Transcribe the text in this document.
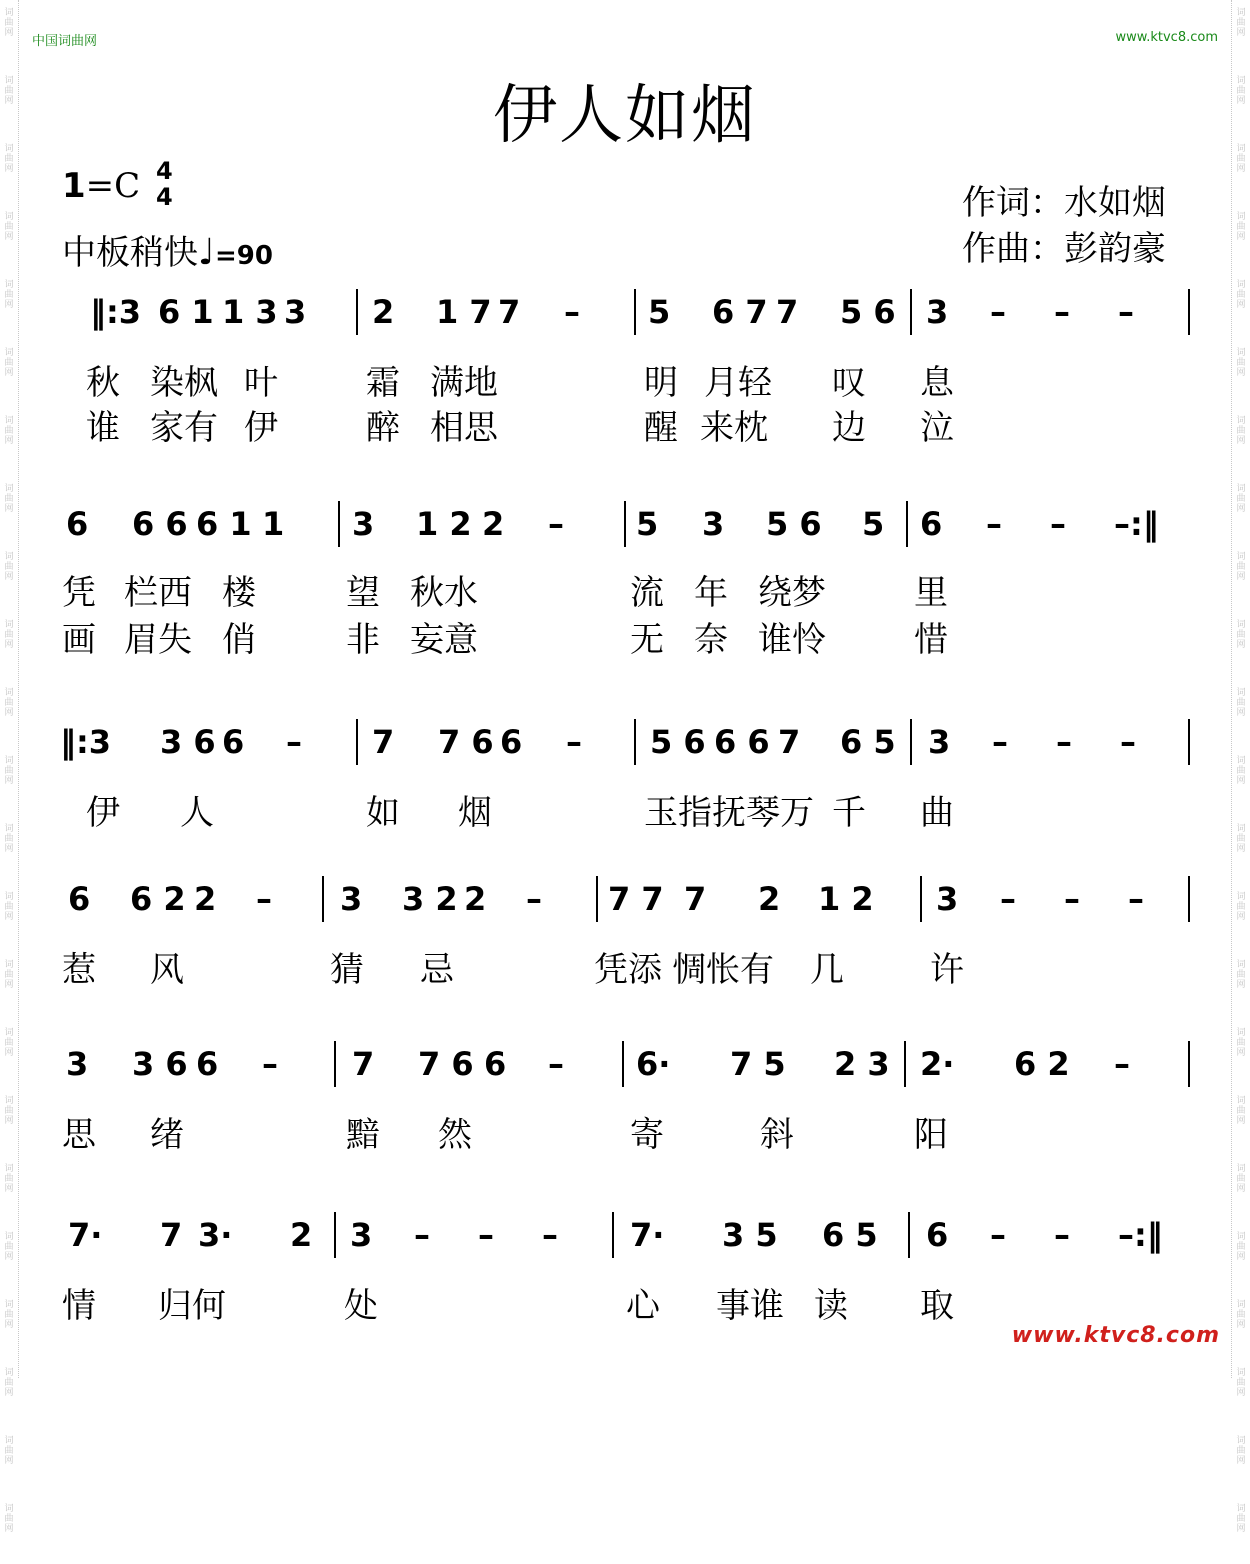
词
曲
网
词
曲
网
词
曲
网
词
曲
网
词
曲
网
词
曲
网
词
曲
网
词
曲
网
词
曲
网
词
曲
网
词
曲
网
词
曲
网
词
曲
网
词
曲
网
词
曲
网
词
曲
网
词
曲
网
词
曲
网
词
曲
网
词
曲
网
词
曲
网
词
曲
网
词
曲
网
词
曲
网
词
曲
网
词
曲
网
词
曲
网
词
曲
网
词
曲
网
词
曲
网
词
曲
网
词
曲
网
词
曲
网
词
曲
网
词
曲
网
词
曲
网
词
曲
网
词
曲
网
词
曲
网
词
曲
网
词
曲
网
词
曲
网
词
曲
网
词
曲
网
词
曲
网
词
曲
网
中国词曲网	www.ktvc8.com
伊人如烟
1=C 4
4
中板稍快♩=90
作词：水如烟
作曲：彭韵豪
‖:3 6 1 1 3 3 2 1 7 7 – 5 6 7 7 5 6 3 – – –
秋 染枫 叶	霜 满地	明 月轻 叹 息
谁 家有 伊	醉 相思	醒 来枕 边 泣
6 6 6 6 1 1 3 1 2 2 – 5 3 5 6 5 6 – – –:‖
凭 栏西 楼	望 秋水	流 年 绕梦	里
画 眉失 俏	非 妄意	无 奈 谁怜	惜
‖:3 3 6 6 – 7 7 6 6 – 5 6 6 6 7 6 5 3 – – –
伊 人	如 烟	玉指抚琴万 千 曲
6 6 2 2 – 3 3 2 2 – 7 7 7 2 1 2 3 – – –
惹 风	猜 忌	凭添 惆怅有 几	许
3 3 6 6 – 7 7 6 6 – 6· 7 5 2 3 2· 6 2 –
思 绪	黯 然	寄	斜	阳
7· 7 3· 2 3 – – – 7· 3 5 6 5 6 – – –:‖
情 归何	处	心 事谁 读 取
www.ktvc8.com
